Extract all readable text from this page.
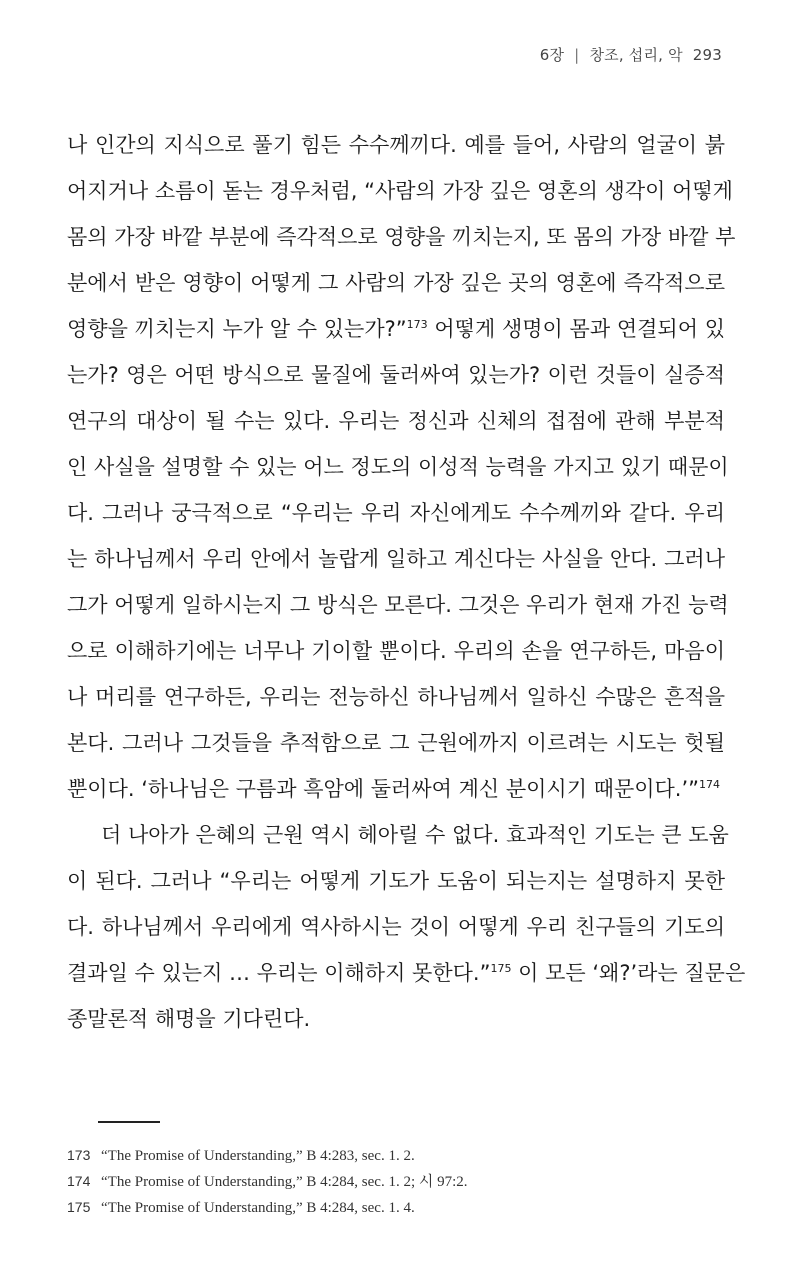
6장 | 창조, 섭리, 악 293
나 인간의 지식으로 풀기 힘든 수수께끼다. 예를 들어, 사람의 얼굴이 붉
어지거나 소름이 돋는 경우처럼, “사람의 가장 깊은 영혼의 생각이 어떻게
몸의 가장 바깥 부분에 즉각적으로 영향을 끼치는지, 또 몸의 가장 바깥 부
분에서 받은 영향이 어떻게 그 사람의 가장 깊은 곳의 영혼에 즉각적으로
영향을 끼치는지 누가 알 수 있는가?”$^{173}$ 어떻게 생명이 몸과 연결되어 있
는가? 영은 어떤 방식으로 물질에 둘러싸여 있는가? 이런 것들이 실증적
연구의 대상이 될 수는 있다. 우리는 정신과 신체의 접점에 관해 부분적
인 사실을 설명할 수 있는 어느 정도의 이성적 능력을 가지고 있기 때문이
다. 그러나 궁극적으로 “우리는 우리 자신에게도 수수께끼와 같다. 우리
는 하나님께서 우리 안에서 놀랍게 일하고 계신다는 사실을 안다. 그러나
그가 어떻게 일하시는지 그 방식은 모른다. 그것은 우리가 현재 가진 능력
으로 이해하기에는 너무나 기이할 뿐이다. 우리의 손을 연구하든, 마음이
나 머리를 연구하든, 우리는 전능하신 하나님께서 일하신 수많은 흔적을
본다. 그러나 그것들을 추적함으로 그 근원에까지 이르려는 시도는 헛될
뿐이다. ‘하나님은 구름과 흑암에 둘러싸여 계신 분이시기 때문이다.’”$^{174}$
더 나아가 은혜의 근원 역시 헤아릴 수 없다. 효과적인 기도는 큰 도움
이 된다. 그러나 “우리는 어떻게 기도가 도움이 되는지는 설명하지 못한
다. 하나님께서 우리에게 역사하시는 것이 어떻게 우리 친구들의 기도의
결과일 수 있는지 … 우리는 이해하지 못한다.”$^{175}$ 이 모든 ‘왜?’라는 질문은
종말론적 해명을 기다린다.
173 “The Promise of Understanding,” B 4:283, sec. 1. 2.
174 “The Promise of Understanding,” B 4:284, sec. 1. 2; 시 97:2.
175 “The Promise of Understanding,” B 4:284, sec. 1. 4.
